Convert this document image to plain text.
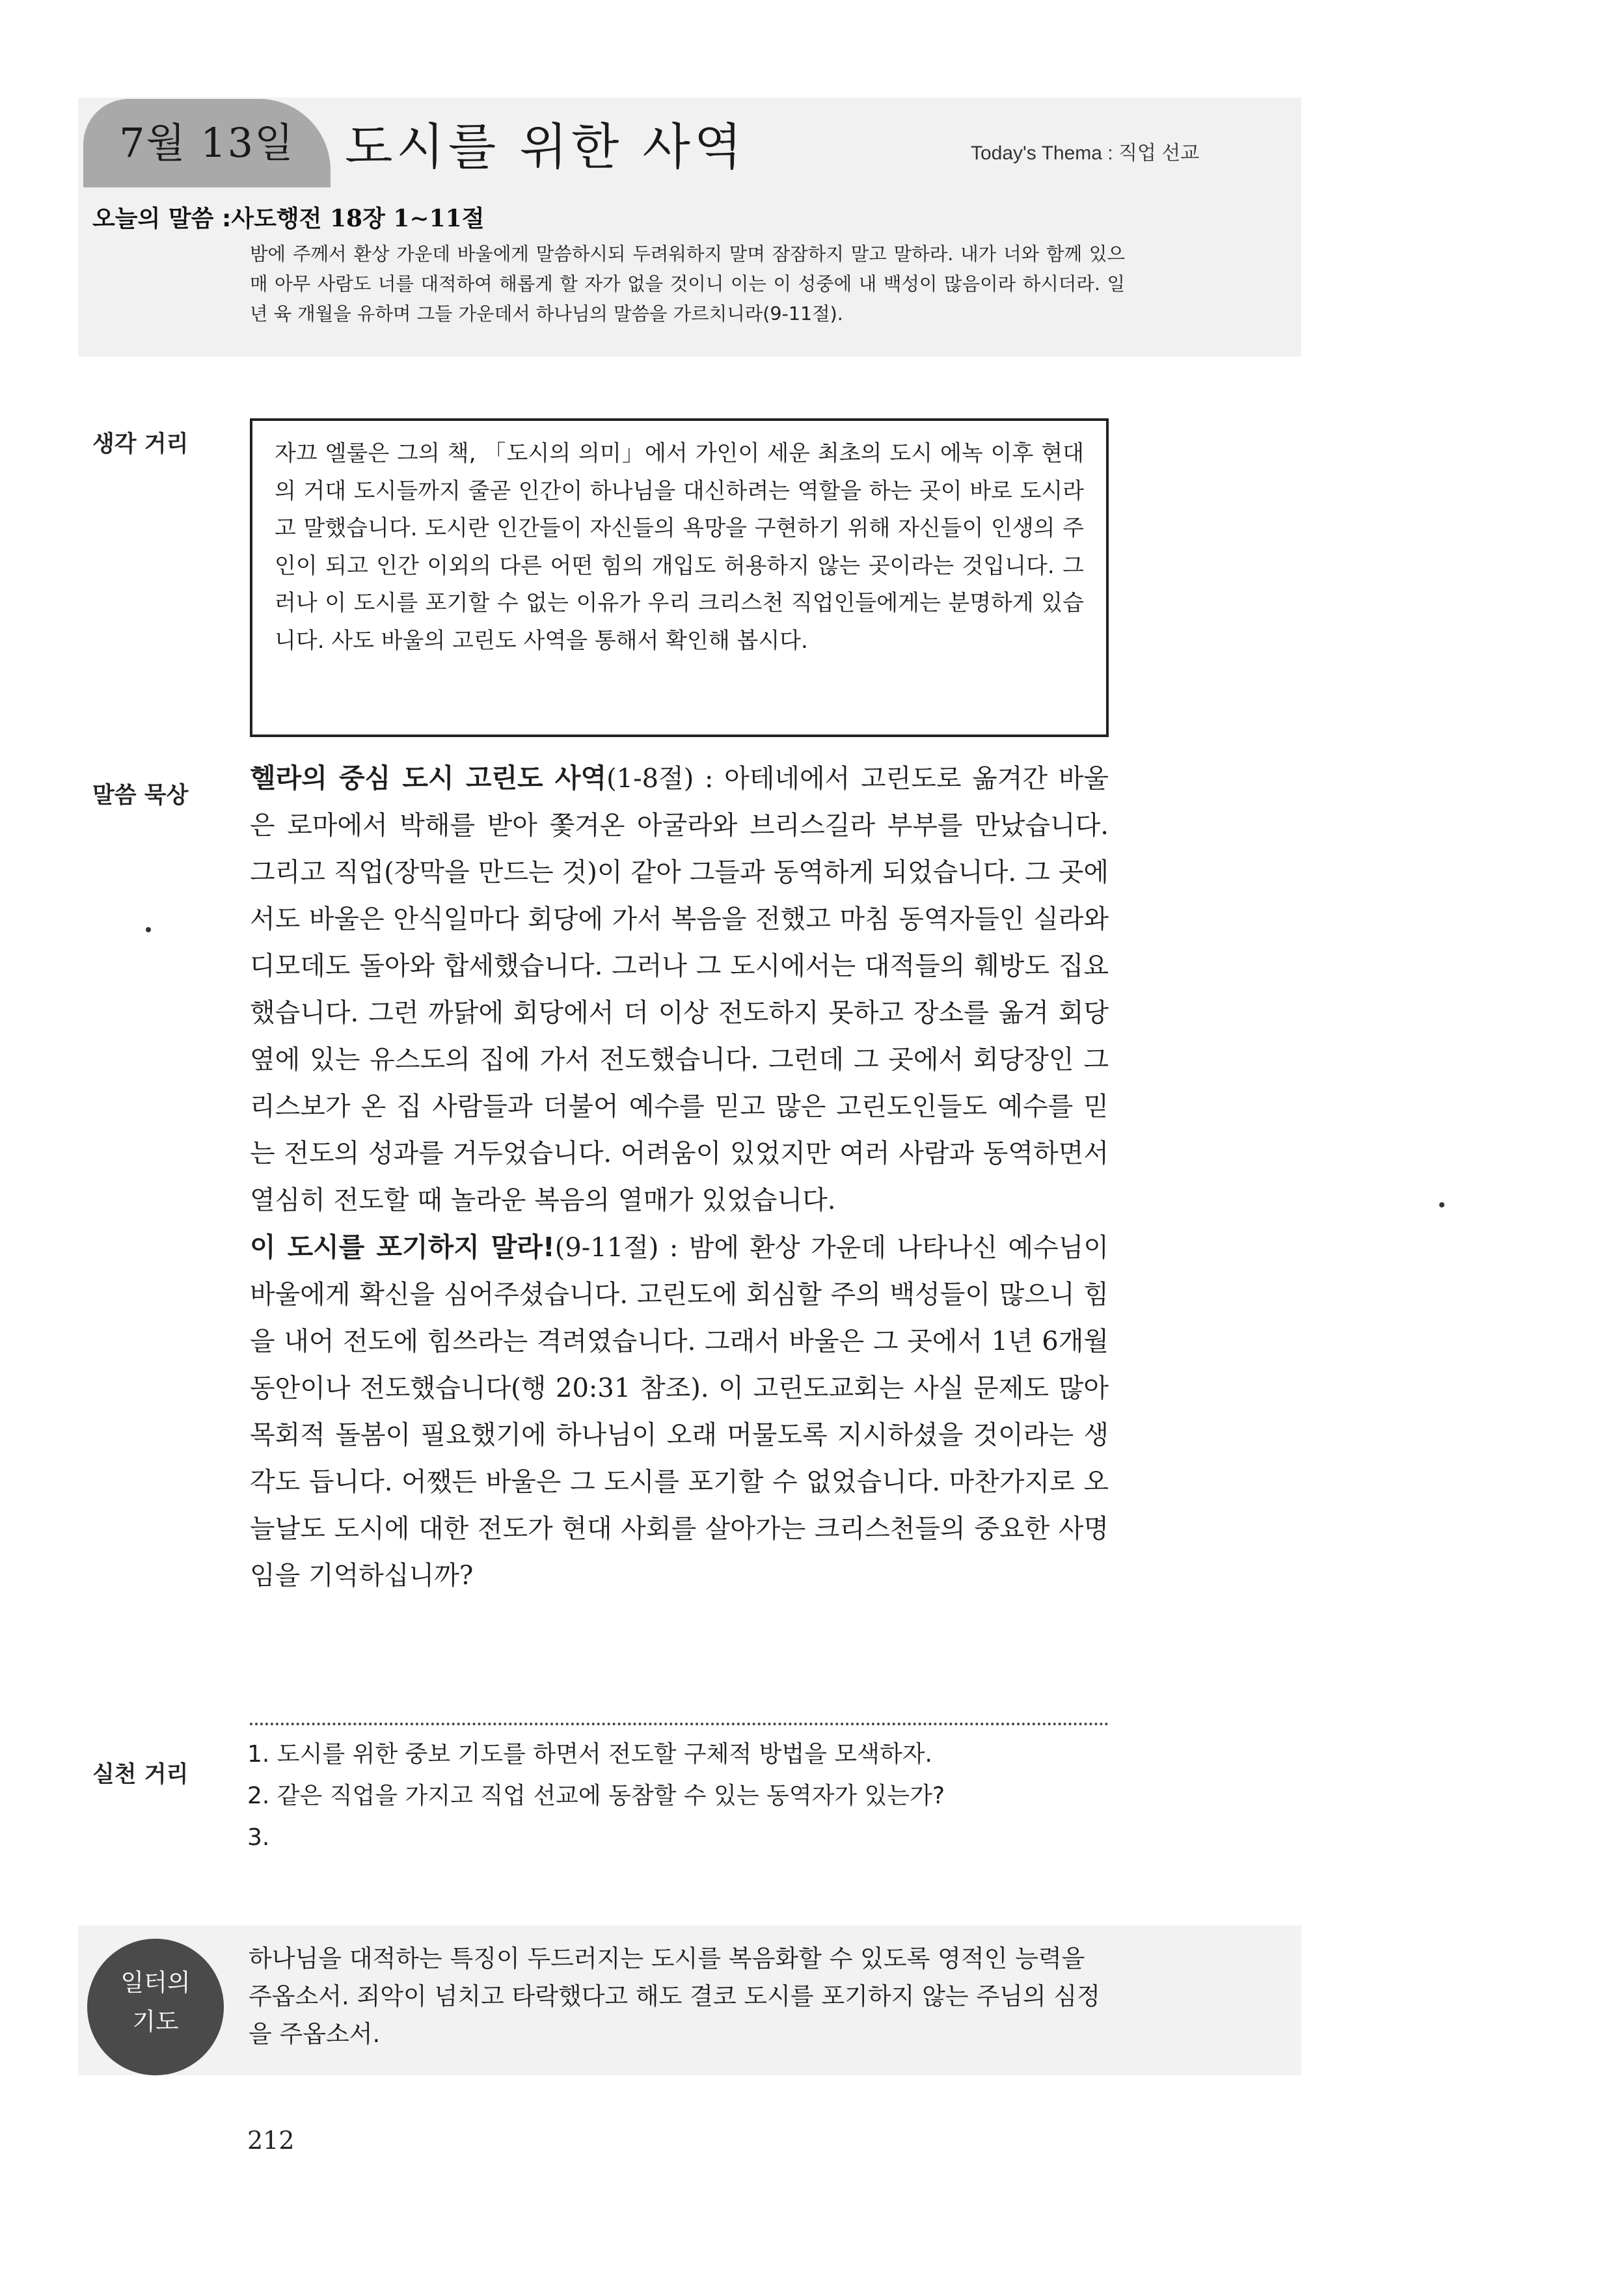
7월 13일	도시를 위한 사역	Today's Thema : 직업 선교
오늘의 말씀 :사도행전 18장 1∼11절
밤에 주께서 환상 가운데 바울에게 말씀하시되 두려워하지 말며 잠잠하지 말고 말하라. 내가 너와 함께 있으매 아무 사람도 너를 대적하여 해롭게 할 자가 없을 것이니 이는 이 성중에 내 백성이 많음이라 하시더라. 일 년 육 개월을 유하며 그들 가운데서 하나님의 말씀을 가르치니라(9-11절).
생각 거리	자끄 엘룰은 그의 책, 「도시의 의미」에서 가인이 세운 최초의 도시 에녹 이후 현대의 거대 도시들까지 줄곧 인간이 하나님을 대신하려는 역할을 하는 곳이 바로 도시라고 말했습니다. 도시란 인간들이 자신들의 욕망을 구현하기 위해 자신들이 인생의 주인이 되고 인간 이외의 다른 어떤 힘의 개입도 허용하지 않는 곳이라는 것입니다. 그러나 이 도시를 포기할 수 없는 이유가 우리 크리스천 직업인들에게는 분명하게 있습니다. 사도 바울의 고린도 사역을 통해서 확인해 봅시다.
말씀 묵상

헬라의 중심 도시 고린도 사역(1-8절) : 아테네에서 고린도로 옮겨간 바울은 로마에서 박해를 받아 쫓겨온 아굴라와 브리스길라 부부를 만났습니다. 그리고 직업(장막을 만드는 것)이 같아 그들과 동역하게 되었습니다. 그 곳에서도 바울은 안식일마다 회당에 가서 복음을 전했고 마침 동역자들인 실라와 디모데도 돌아와 합세했습니다. 그러나 그 도시에서는 대적들의 훼방도 집요했습니다. 그런 까닭에 회당에서 더 이상 전도하지 못하고 장소를 옮겨 회당 옆에 있는 유스도의 집에 가서 전도했습니다. 그런데 그 곳에서 회당장인 그리스보가 온 집 사람들과 더불어 예수를 믿고 많은 고린도인들도 예수를 믿는 전도의 성과를 거두었습니다. 어려움이 있었지만 여러 사람과 동역하면서 열심히 전도할 때 놀라운 복음의 열매가 있었습니다.

이 도시를 포기하지 말라!(9-11절) : 밤에 환상 가운데 나타나신 예수님이 바울에게 확신을 심어주셨습니다. 고린도에 회심할 주의 백성들이 많으니 힘을 내어 전도에 힘쓰라는 격려였습니다. 그래서 바울은 그 곳에서 1년 6개월 동안이나 전도했습니다(행 20:31 참조). 이 고린도교회는 사실 문제도 많아 목회적 돌봄이 필요했기에 하나님이 오래 머물도록 지시하셨을 것이라는 생각도 듭니다. 어쨌든 바울은 그 도시를 포기할 수 없었습니다. 마찬가지로 오늘날도 도시에 대한 전도가 현대 사회를 살아가는 크리스천들의 중요한 사명임을 기억하십니까?

실천 거리
1. 도시를 위한 중보 기도를 하면서 전도할 구체적 방법을 모색하자.
2. 같은 직업을 가지고 직업 선교에 동참할 수 있는 동역자가 있는가?
3.
일터의
기도
하나님을 대적하는 특징이 두드러지는 도시를 복음화할 수 있도록 영적인 능력을 주옵소서. 죄악이 넘치고 타락했다고 해도 결코 도시를 포기하지 않는 주님의 심정을 주옵소서.
212
